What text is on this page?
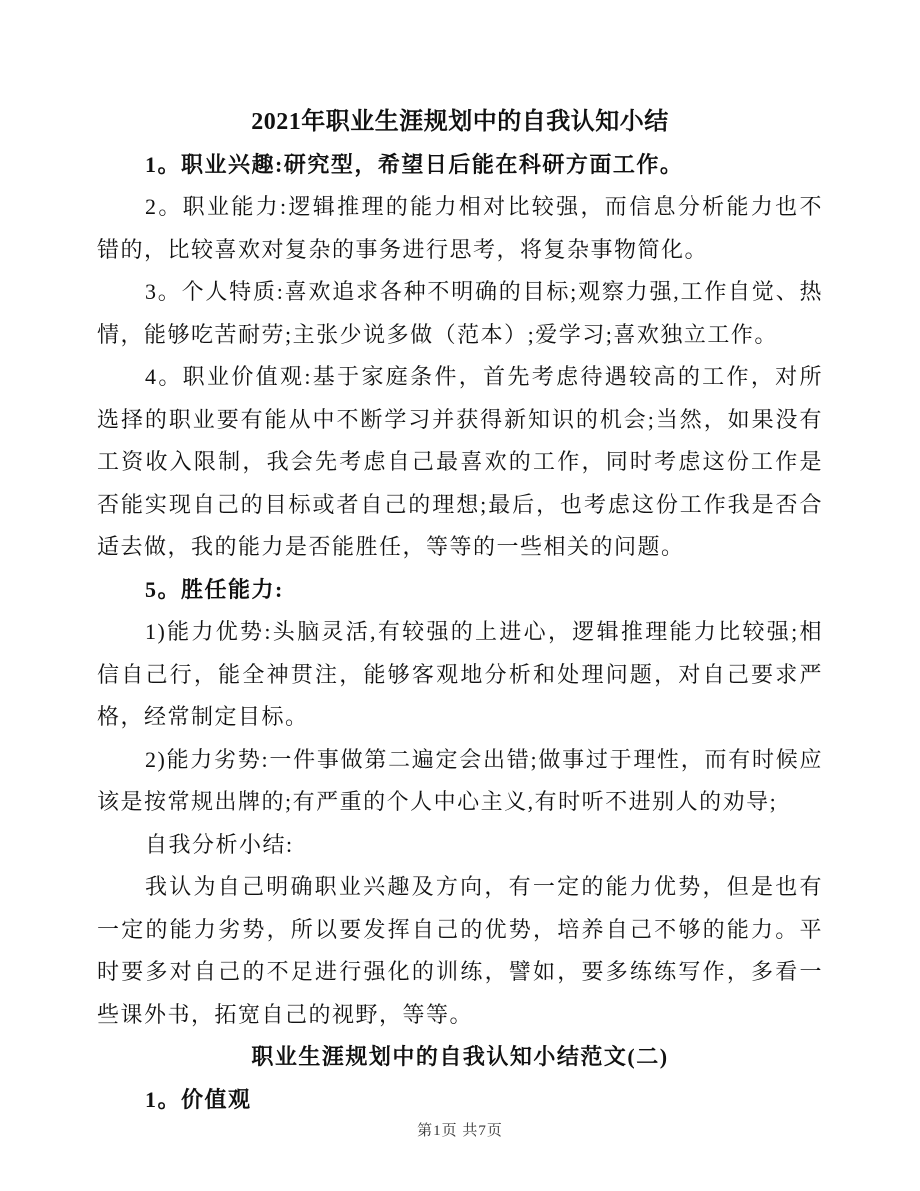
2021年职业生涯规划中的自我认知小结

1。职业兴趣:研究型，希望日后能在科研方面工作。

2。职业能力:逻辑推理的能力相对比较强，而信息分析能力也不错的，比较喜欢对复杂的事务进行思考，将复杂事物简化。

3。个人特质:喜欢追求各种不明确的目标;观察力强,工作自觉、热情，能够吃苦耐劳;主张少说多做（范本）;爱学习;喜欢独立工作。

4。职业价值观:基于家庭条件，首先考虑待遇较高的工作，对所选择的职业要有能从中不断学习并获得新知识的机会;当然，如果没有工资收入限制，我会先考虑自己最喜欢的工作，同时考虑这份工作是否能实现自己的目标或者自己的理想;最后，也考虑这份工作我是否合适去做，我的能力是否能胜任，等等的一些相关的问题。

5。胜任能力:

1)能力优势:头脑灵活,有较强的上进心，逻辑推理能力比较强;相信自己行，能全神贯注，能够客观地分析和处理问题，对自己要求严格，经常制定目标。

2)能力劣势:一件事做第二遍定会出错;做事过于理性，而有时候应该是按常规出牌的;有严重的个人中心主义,有时听不进别人的劝导;

自我分析小结:

我认为自己明确职业兴趣及方向，有一定的能力优势，但是也有一定的能力劣势，所以要发挥自己的优势，培养自己不够的能力。平时要多对自己的不足进行强化的训练，譬如，要多练练写作，多看一些课外书，拓宽自己的视野，等等。

职业生涯规划中的自我认知小结范文(二)

1。价值观

第1页 共7页
